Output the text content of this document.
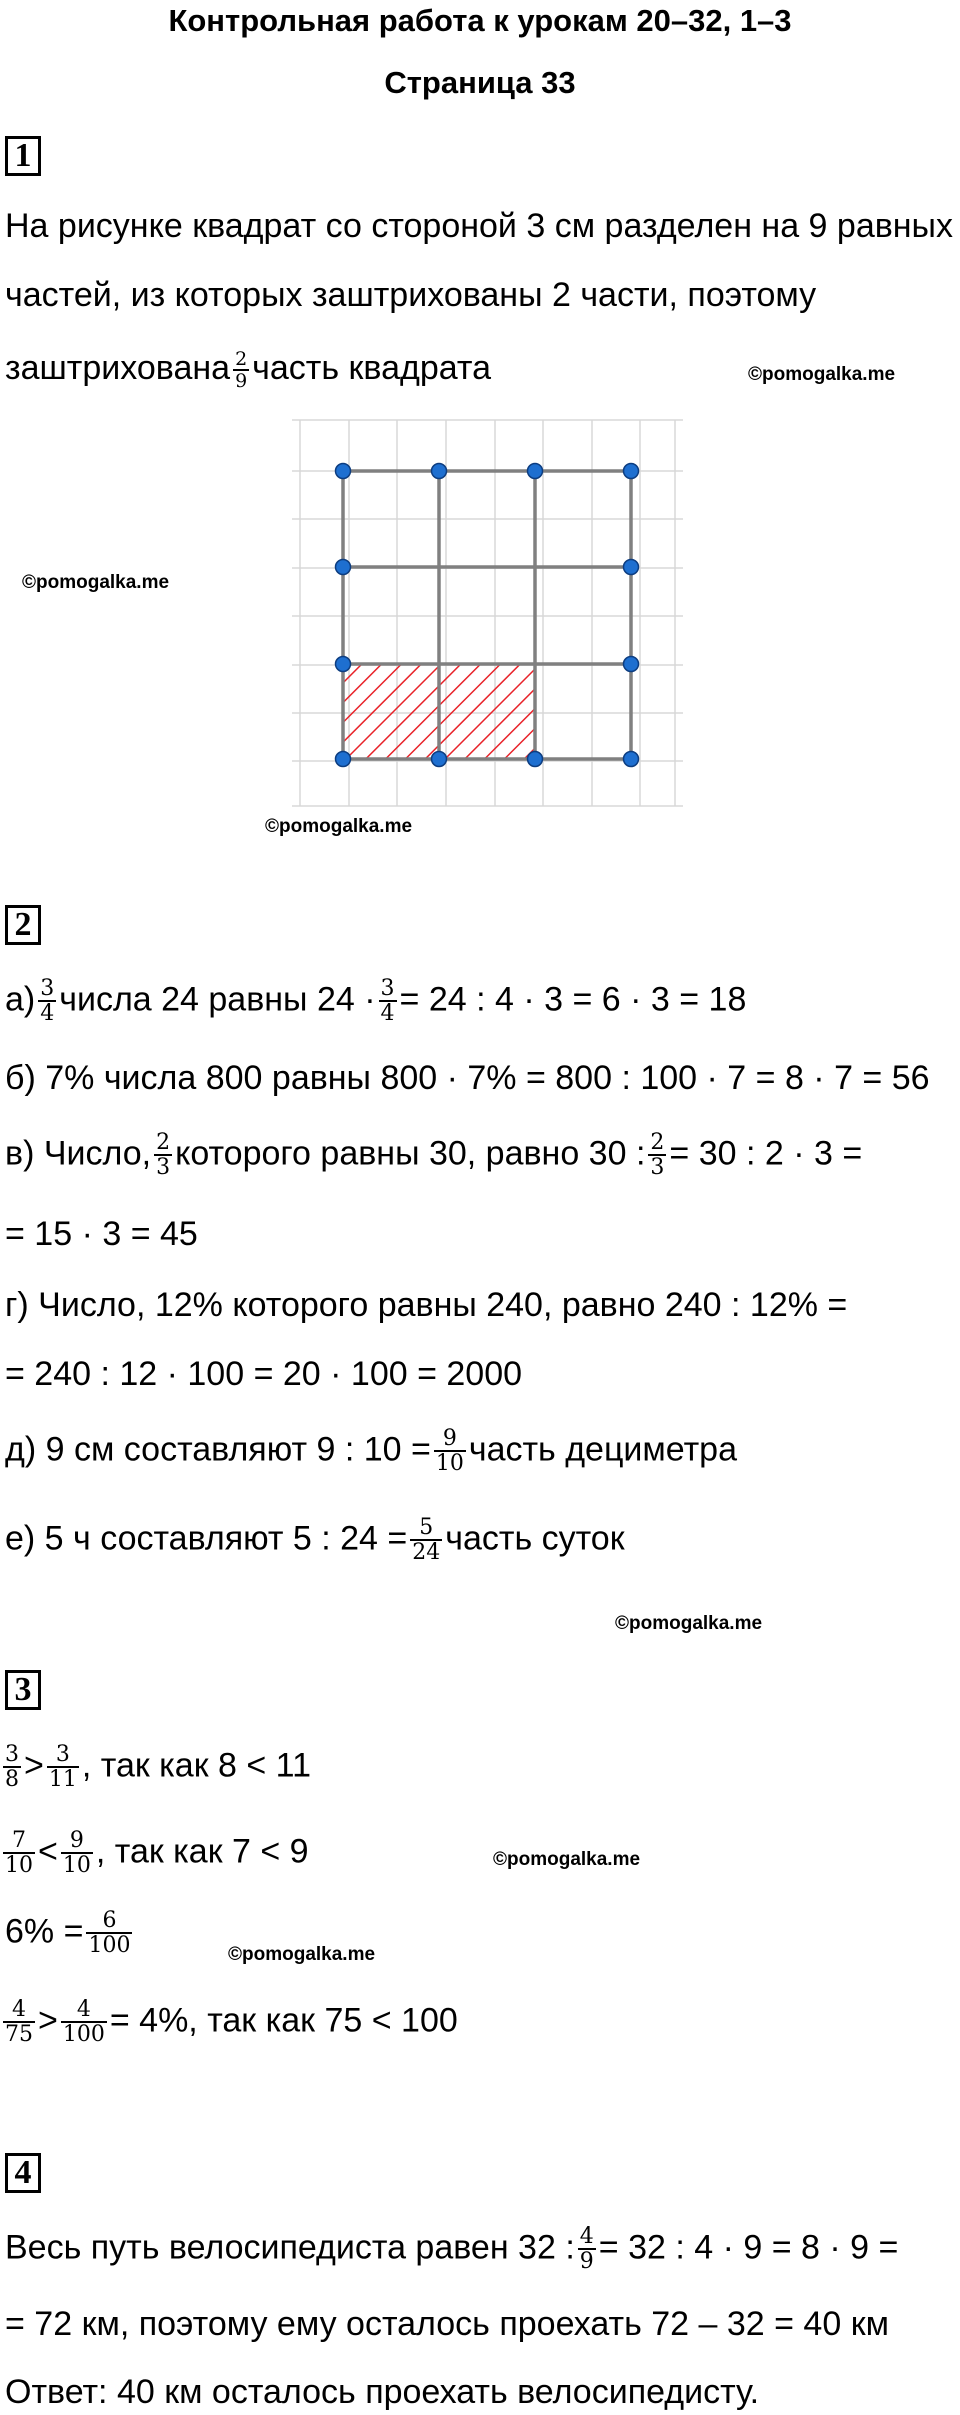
Контрольная работа к урокам 20–32, 1–3
Страница 33
1
На рисунке квадрат со стороной 3 см разделен на 9 равных
частей, из которых заштрихованы 2 части, поэтому
©pomogalka.me
заштрихована $\frac{2}{9}$ часть квадрата
©pomogalka.me
©pomogalka.me
2
$а) \frac{3}{4}$ числа 24 равны $24 \cdot \frac{3}{4} = 24$ : 4 · 3 = 6 · 3 = 18
б) 7% числа 800 равны 800 · 7% = 800 : 100 · 7 = 8 · 7 = 56
в) Число, $\frac{2}{3}$ которого равны 30, равно 30 : $\frac{2}{3} = 30$ : 2 · 3 =
= 15 · 3 = 45
г) Число, 12% которого равны 240, равно 240 : 12% =
= 240 : 12 · 100 = 20 · 100 = 2000
д) 9 см составляют 9 : $10 = \frac{9}{10}$ часть дециметра
е) 5 ч составляют 5 : $24 = \frac{5}{24}$ часть суток
©pomogalka.me
3
$\frac{3}{8} > \frac{3}{11}$ , так как 8 < 11
$\frac{7}{10} < \frac{9}{10}$ , так как 7 < 9	©pomogalka.me
$6\% = \frac{6}{100}$	©pomogalka.me
$\frac{4}{75} > \frac{4}{100} = 4\%$, так как 75 < 100
4
Весь путь велосипедиста равен 32 : $\frac{4}{9} = 32$ : 4 · 9 = 8 · 9 =
= 72 км, поэтому ему осталось проехать 72 – 32 = 40 км
Ответ: 40 км осталось проехать велосипедисту.
